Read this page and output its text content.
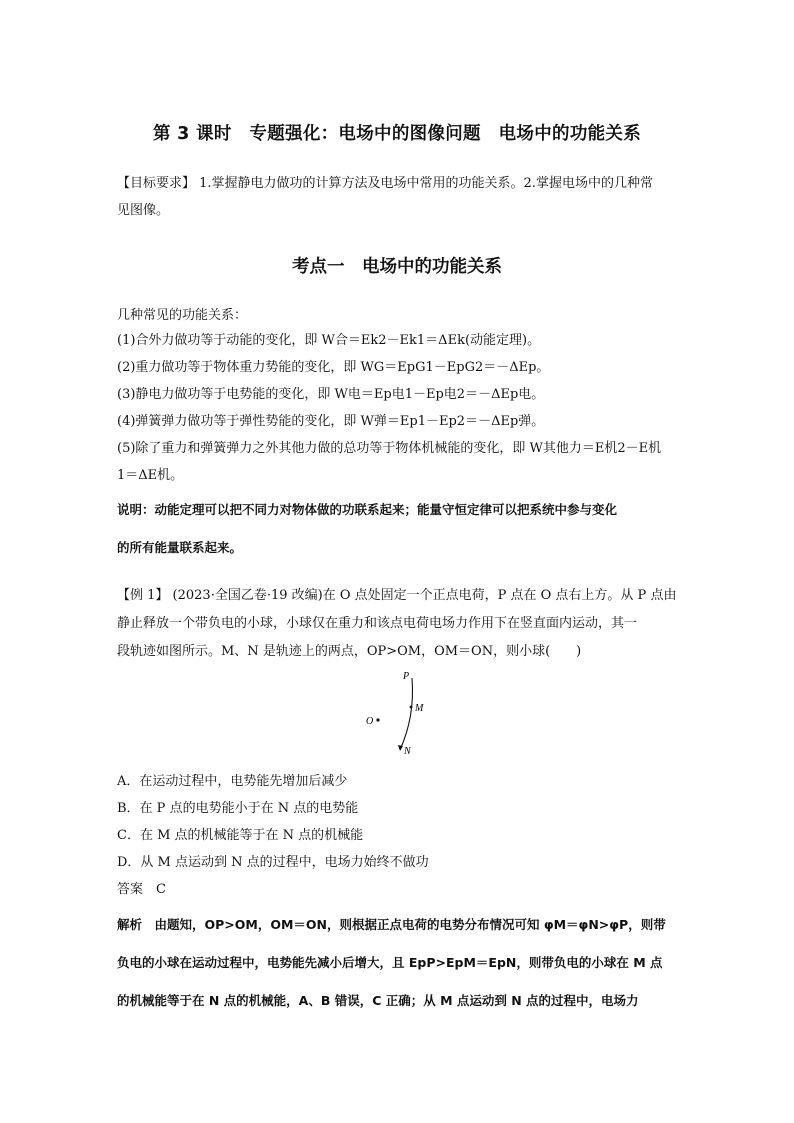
第 3 课时　专题强化：电场中的图像问题　电场中的功能关系
【目标要求】 1.掌握静电力做功的计算方法及电场中常用的功能关系。2.掌握电场中的几种常
见图像。
考点一　电场中的功能关系
几种常见的功能关系：
(1)合外力做功等于动能的变化，即 W合＝Ek2－Ek1＝ΔEk(动能定理)。
(2)重力做功等于物体重力势能的变化，即 WG＝EpG1－EpG2＝－ΔEp。
(3)静电力做功等于电势能的变化，即 W电＝Ep电1－Ep电2＝－ΔEp电。
(4)弹簧弹力做功等于弹性势能的变化，即 W弹＝Ep1－Ep2＝－ΔEp弹。
(5)除了重力和弹簧弹力之外其他力做的总功等于物体机械能的变化，即 W其他力＝E机2－E机
1＝ΔE机。
说明：动能定理可以把不同力对物体做的功联系起来；能量守恒定律可以把系统中参与变化
的所有能量联系起来。
【例 1】 (2023·全国乙卷·19 改编)在 O 点处固定一个正点电荷，P 点在 O 点右上方。从 P 点由
静止释放一个带负电的小球，小球仅在重力和该点电荷电场力作用下在竖直面内运动，其一
段轨迹如图所示。M、N 是轨迹上的两点，OP>OM，OM＝ON，则小球(　　)
O
P
M
N
A．在运动过程中，电势能先增加后减少
B．在 P 点的电势能小于在 N 点的电势能
C．在 M 点的机械能等于在 N 点的机械能
D．从 M 点运动到 N 点的过程中，电场力始终不做功
答案　C
解析　由题知，OP>OM，OM＝ON，则根据正点电荷的电势分布情况可知 φM＝φN>φP，则带
负电的小球在运动过程中，电势能先减小后增大，且 EpP>EpM＝EpN，则带负电的小球在 M 点
的机械能等于在 N 点的机械能，A、B 错误，C 正确；从 M 点运动到 N 点的过程中，电场力
